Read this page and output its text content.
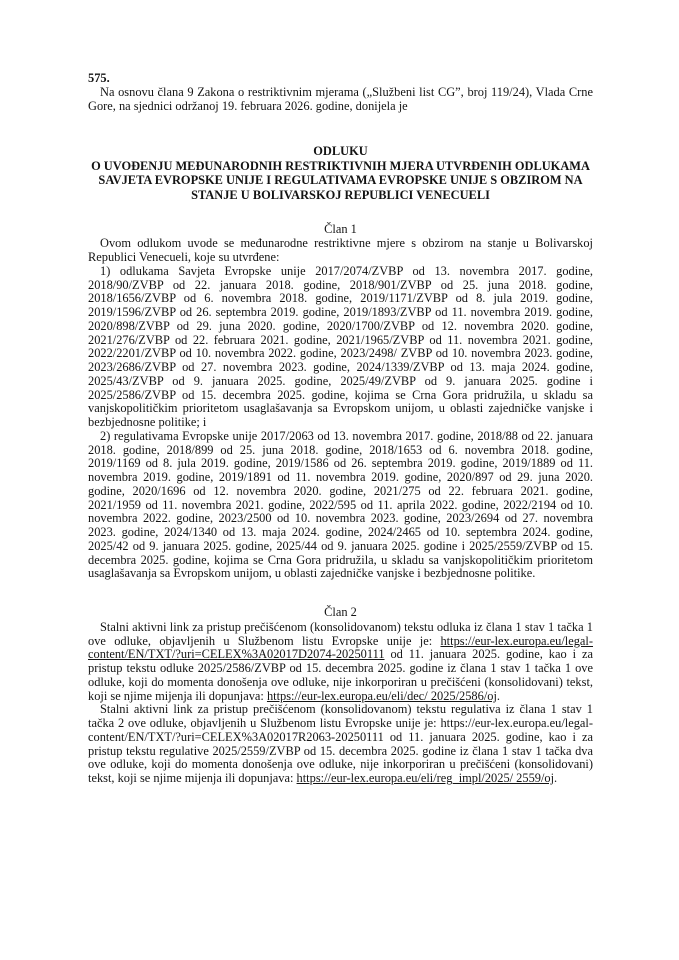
575.

Na osnovu člana 9 Zakona o restriktivnim mjerama („Službeni list CG”, broj 119/24), Vlada Crne Gore, na sjednici održanoj 19. februara 2026. godine, donijela je

ODLUKU
O UVOĐENJU MEĐUNARODNIH RESTRIKTIVNIH MJERA UTVRĐENIH ODLUKAMA SAVJETA EVROPSKE UNIJE I REGULATIVAMA EVROPSKE UNIJE S OBZIROM NA STANJE U BOLIVARSKOJ REPUBLICI VENECUELI
Član 1

Ovom odlukom uvode se međunarodne restriktivne mjere s obzirom na stanje u Bolivarskoj Republici Venecueli, koje su utvrđene:

1) odlukama Savjeta Evropske unije 2017/2074/ZVBP od 13. novembra 2017. godine, 2018/90/ZVBP od 22. januara 2018. godine, 2018/901/ZVBP od 25. juna 2018. godine, 2018/1656/ZVBP od 6. novembra 2018. godine, 2019/1171/ZVBP od 8. jula 2019. godine, 2019/1596/ZVBP od 26. septembra 2019. godine, 2019/1893/ZVBP od 11. novembra 2019. godine, 2020/898/ZVBP od 29. juna 2020. godine, 2020/1700/ZVBP od 12. novembra 2020. godine, 2021/276/ZVBP od 22. februara 2021. godine, 2021/1965/ZVBP od 11. novembra 2021. godine, 2022/2201/ZVBP od 10. novembra 2022. godine, 2023/2498/ ZVBP od 10. novembra 2023. godine, 2023/2686/ZVBP od 27. novembra 2023. godine, 2024/1339/ZVBP od 13. maja 2024. godine, 2025/43/ZVBP od 9. januara 2025. godine, 2025/49/ZVBP od 9. januara 2025. godine i 2025/2586/ZVBP od 15. decembra 2025. godine, kojima se Crna Gora pridružila, u skladu sa vanjskopolitičkim prioritetom usaglašavanja sa Evropskom unijom, u oblasti zajedničke vanjske i bezbjednosne politike; i

2) regulativama Evropske unije 2017/2063 od 13. novembra 2017. godine, 2018/88 od 22. januara 2018. godine, 2018/899 od 25. juna 2018. godine, 2018/1653 od 6. novembra 2018. godine, 2019/1169 od 8. jula 2019. godine, 2019/1586 od 26. septembra 2019. godine, 2019/1889 od 11. novembra 2019. godine, 2019/1891 od 11. novembra 2019. godine, 2020/897 od 29. juna 2020. godine, 2020/1696 od 12. novembra 2020. godine, 2021/275 od 22. februara 2021. godine, 2021/1959 od 11. novembra 2021. godine, 2022/595 od 11. aprila 2022. godine, 2022/2194 od 10. novembra 2022. godine, 2023/2500 od 10. novembra 2023. godine, 2023/2694 od 27. novembra 2023. godine, 2024/1340 od 13. maja 2024. godine, 2024/2465 od 10. septembra 2024. godine, 2025/42 od 9. januara 2025. godine, 2025/44 od 9. januara 2025. godine i 2025/2559/ZVBP od 15. decembra 2025. godine, kojima se Crna Gora pridružila, u skladu sa vanjskopolitičkim prioritetom usaglašavanja sa Evropskom unijom, u oblasti zajedničke vanjske i bezbjednosne politike.

Član 2

Stalni aktivni link za pristup prečišćenom (konsolidovanom) tekstu odluka iz člana 1 stav 1 tačka 1 ove odluke, objavljenih u Službenom listu Evropske unije je: https://eur-lex.europa.eu/legal-content/EN/TXT/?uri=CELEX%3A02017D2074-20250111 od 11. januara 2025. godine, kao i za pristup tekstu odluke 2025/2586/ZVBP od 15. decembra 2025. godine iz člana 1 stav 1 tačka 1 ove odluke, koji do momenta donošenja ove odluke, nije inkorporiran u prečišćeni (konsolidovani) tekst, koji se njime mijenja ili dopunjava: https://eur-lex.europa.eu/eli/dec/ 2025/2586/oj.

Stalni aktivni link za pristup prečišćenom (konsolidovanom) tekstu regulativa iz člana 1 stav 1 tačka 2 ove odluke, objavljenih u Službenom listu Evropske unije je: https://eur-lex.europa.eu/legal-content/EN/TXT/?uri=CELEX%3A02017R2063-20250111 od 11. januara 2025. godine, kao i za pristup tekstu regulative 2025/2559/ZVBP od 15. decembra 2025. godine iz člana 1 stav 1 tačka dva ove odluke, koji do momenta donošenja ove odluke, nije inkorporiran u prečišćeni (konsolidovani) tekst, koji se njime mijenja ili dopunjava: https://eur-lex.europa.eu/eli/reg_impl/2025/ 2559/oj.
